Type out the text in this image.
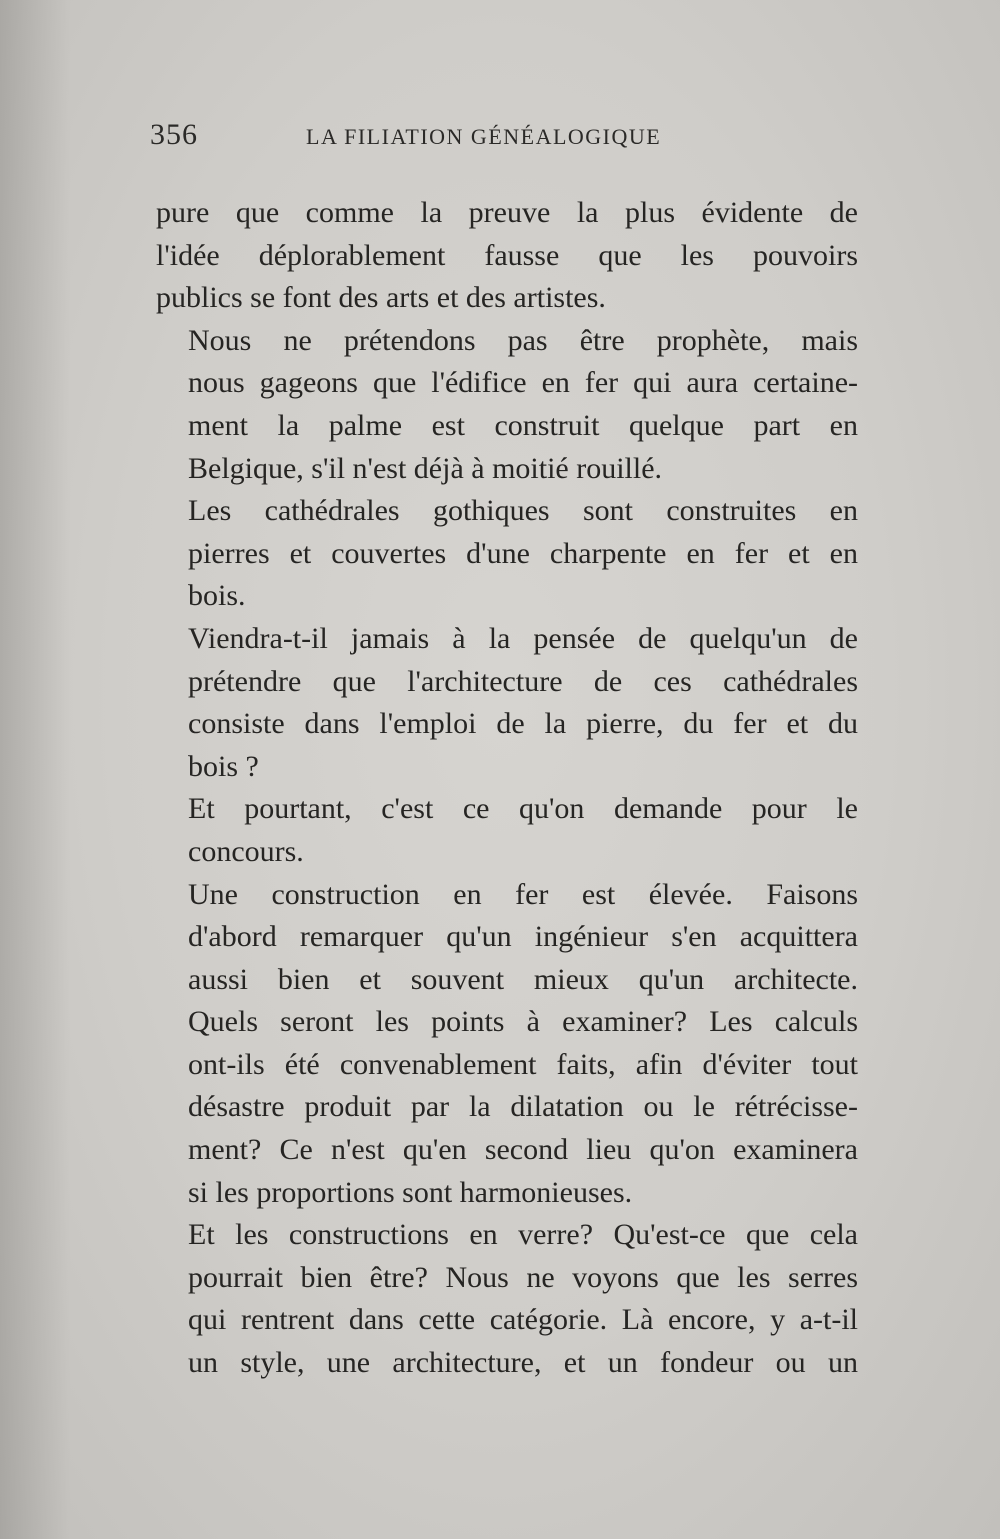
356	LA FILIATION GÉNÉALOGIQUE
pure que comme la preuve la plus évidente de
l'idée déplorablement fausse que les pouvoirs
publics se font des arts et des artistes.
Nous ne prétendons pas être prophète, mais
nous gageons que l'édifice en fer qui aura certaine-
ment la palme est construit quelque part en
Belgique, s'il n'est déjà à moitié rouillé.
Les cathédrales gothiques sont construites en
pierres et couvertes d'une charpente en fer et en
bois.
Viendra-t-il jamais à la pensée de quelqu'un de
prétendre que l'architecture de ces cathédrales
consiste dans l'emploi de la pierre, du fer et du
bois ?
Et pourtant, c'est ce qu'on demande pour le
concours.
Une construction en fer est élevée. Faisons
d'abord remarquer qu'un ingénieur s'en acquittera
aussi bien et souvent mieux qu'un architecte.
Quels seront les points à examiner? Les calculs
ont-ils été convenablement faits, afin d'éviter tout
désastre produit par la dilatation ou le rétrécisse-
ment? Ce n'est qu'en second lieu qu'on examinera
si les proportions sont harmonieuses.
Et les constructions en verre? Qu'est-ce que cela
pourrait bien être? Nous ne voyons que les serres
qui rentrent dans cette catégorie. Là encore, y a-t-il
un style, une architecture, et un fondeur ou un
